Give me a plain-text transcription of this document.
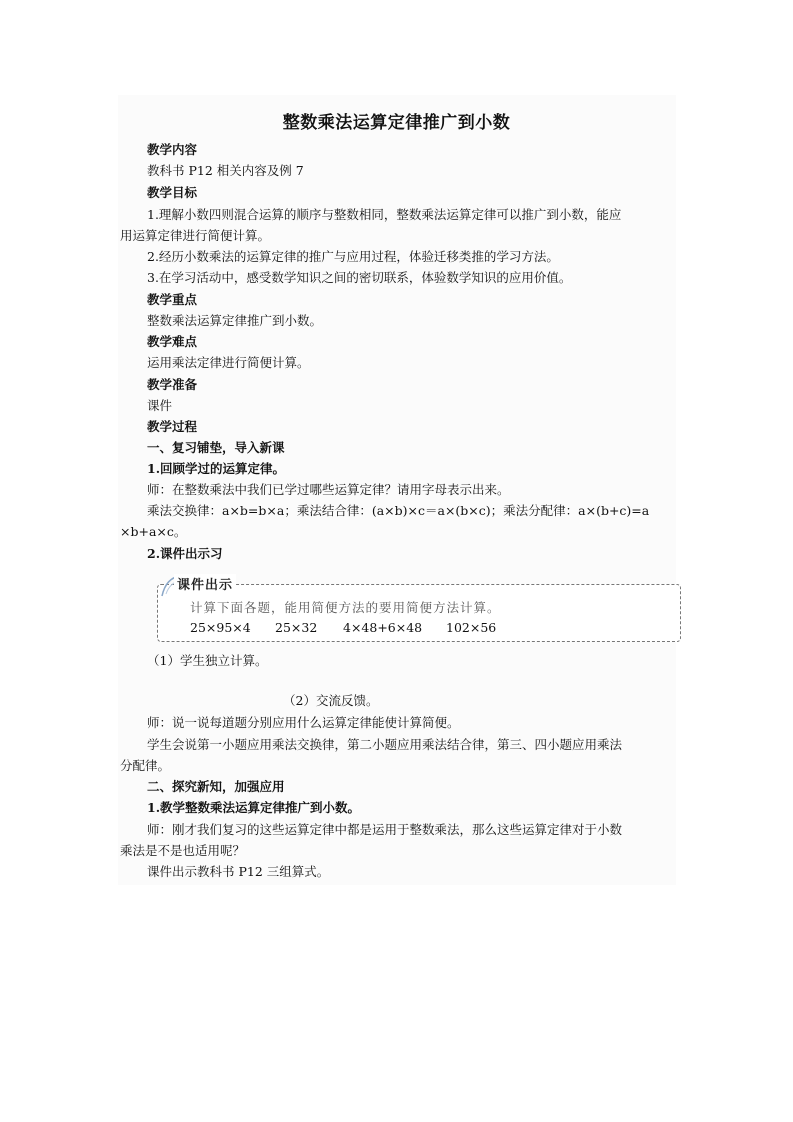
整数乘法运算定律推广到小数
教学内容
教科书 P12 相关内容及例 7
教学目标
1.理解小数四则混合运算的顺序与整数相同，整数乘法运算定律可以推广到小数，能应
用运算定律进行简便计算。
2.经历小数乘法的运算定律的推广与应用过程，体验迁移类推的学习方法。
3.在学习活动中，感受数学知识之间的密切联系，体验数学知识的应用价值。
教学重点
整数乘法运算定律推广到小数。
教学难点
运用乘法定律进行简便计算。
教学准备
课件
教学过程
一、复习铺垫，导入新课
1.回顾学过的运算定律。
师：在整数乘法中我们已学过哪些运算定律？请用字母表示出来。
乘法交换律：a×b=b×a；乘法结合律：(a×b)×c＝a×(b×c)；乘法分配律：a×(b+c)=a
×b+a×c。
2.课件出示习
课件出示
计算下面各题，能用简便方法的要用简便方法计算。
25×95×4 25×32 4×48+6×48 102×56
（1）学生独立计算。
（2）交流反馈。
师：说一说每道题分别应用什么运算定律能使计算简便。
学生会说第一小题应用乘法交换律，第二小题应用乘法结合律，第三、四小题应用乘法
分配律。
二、探究新知，加强应用
1.教学整数乘法运算定律推广到小数。
师：刚才我们复习的这些运算定律中都是运用于整数乘法，那么这些运算定律对于小数
乘法是不是也适用呢？
课件出示教科书 P12 三组算式。
